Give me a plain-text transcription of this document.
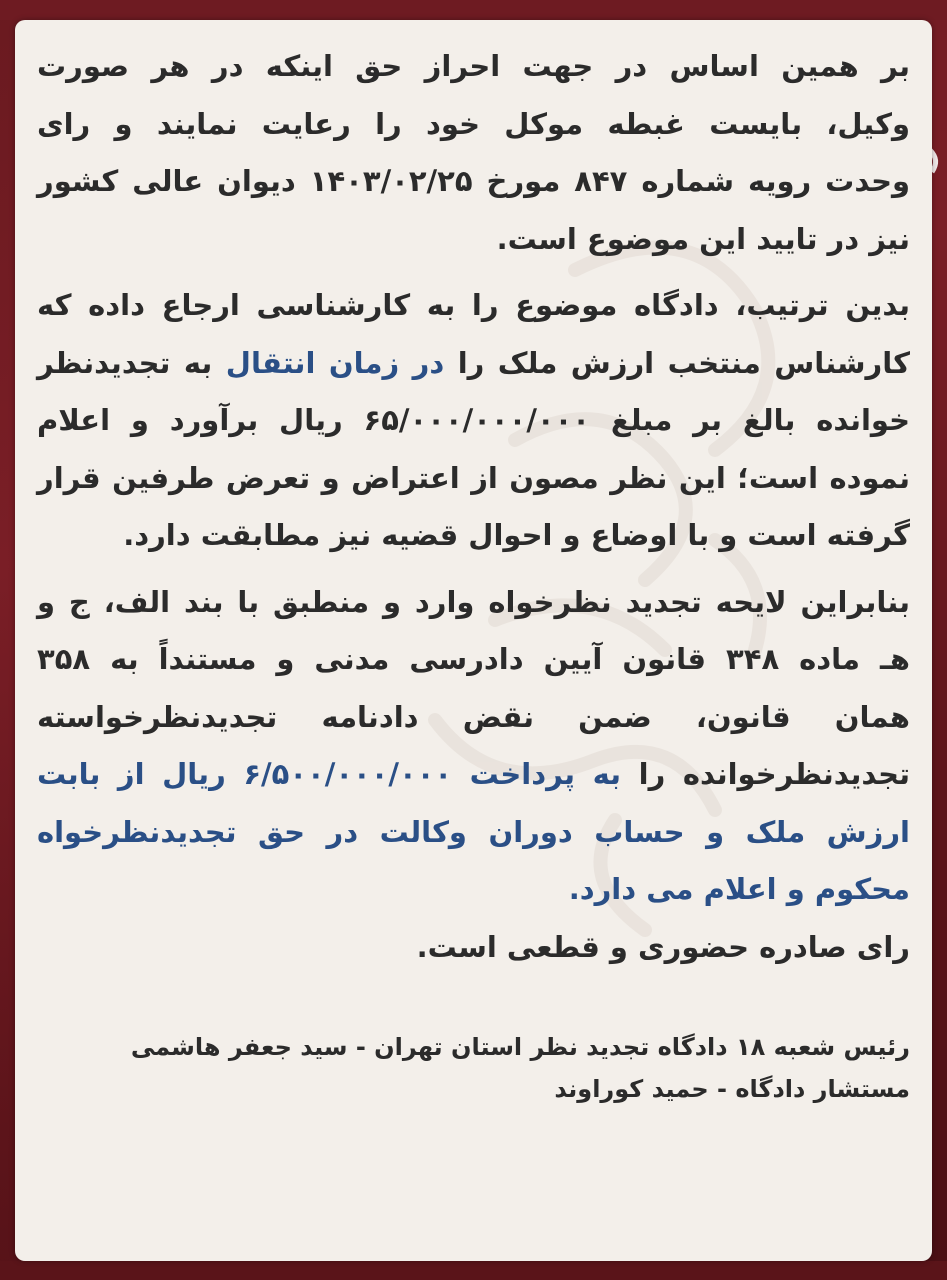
بر همین اساس در جهت احراز حق اینکه در هر صورت
وکیل، بایست غبطه موکل خود را رعایت نمایند و رای
وحدت رویه شماره ۸۴۷ مورخ ۱۴۰۳/۰۲/۲۵ دیوان عالی کشور
نیز در تایید این موضوع است.
بدین ترتیب، دادگاه موضوع را به کارشناسی ارجاع داده که
کارشناس منتخب ارزش ملک را در زمان انتقال به تجدیدنظر
خوانده بالغ بر مبلغ ۶۵/۰۰۰/۰۰۰/۰۰۰ ریال برآورد و اعلام
نموده است؛ این نظر مصون از اعتراض و تعرض طرفین قرار
گرفته است و با اوضاع و احوال قضیه نیز مطابقت دارد.
بنابراین لایحه تجدید نظرخواه وارد و منطبق با بند الف، ج و
هـ ماده ۳۴۸ قانون آیین دادرسی مدنی و مستنداً به ۳۵۸
همان قانون، ضمن نقض دادنامه تجدیدنظرخواسته
تجدیدنظرخوانده را به پرداخت ۶/۵۰۰/۰۰۰/۰۰۰ ریال از بابت
ارزش ملک و حساب دوران وکالت در حق تجدیدنظرخواه
محکوم و اعلام می دارد.
رای صادره حضوری و قطعی است.
رئیس شعبه ۱۸ دادگاه تجدید نظر استان تهران - سید جعفر هاشمی
مستشار دادگاه - حمید کوراوند
